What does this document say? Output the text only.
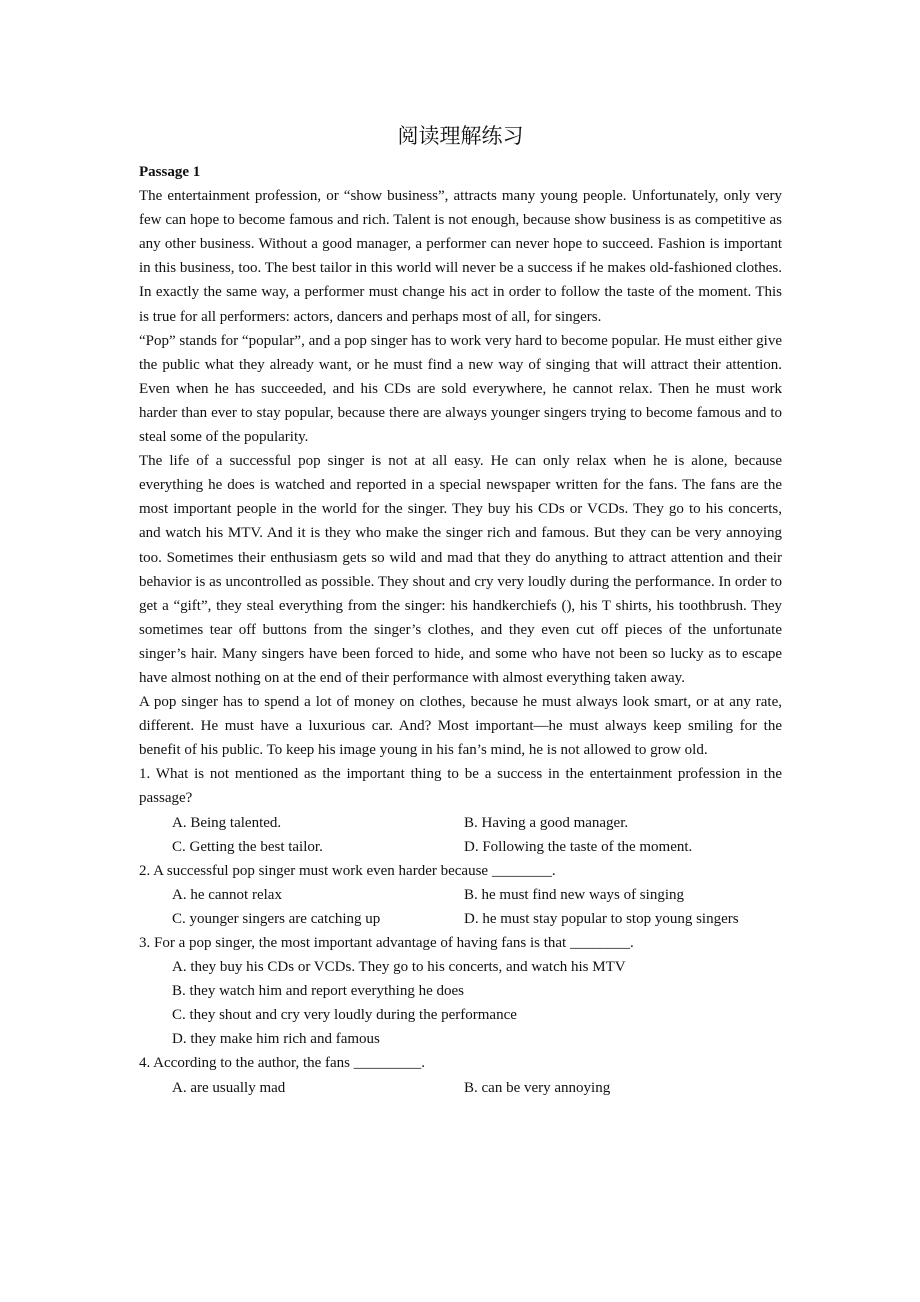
阅读理解练习

Passage 1

The entertainment profession, or “show business”, attracts many young people. Unfortunately, only very few can hope to become famous and rich. Talent is not enough, because show business is as competitive as any other business. Without a good manager, a performer can never hope to succeed. Fashion is important in this business, too. The best tailor in this world will never be a success if he makes old-fashioned clothes. In exactly the same way, a performer must change his act in order to follow the taste of the moment. This is true for all performers: actors, dancers and perhaps most of all, for singers.

“Pop” stands for “popular”, and a pop singer has to work very hard to become popular. He must either give the public what they already want, or he must find a new way of singing that will attract their attention. Even when he has succeeded, and his CDs are sold everywhere, he cannot relax. Then he must work harder than ever to stay popular, because there are always younger singers trying to become famous and to steal some of the popularity.

The life of a successful pop singer is not at all easy. He can only relax when he is alone, because everything he does is watched and reported in a special newspaper written for the fans. The fans are the most important people in the world for the singer. They buy his CDs or VCDs. They go to his concerts, and watch his MTV. And it is they who make the singer rich and famous. But they can be very annoying too. Sometimes their enthusiasm gets so wild and mad that they do anything to attract attention and their behavior is as uncontrolled as possible. They shout and cry very loudly during the performance. In order to get a “gift”, they steal everything from the singer: his handkerchiefs (), his T shirts, his toothbrush. They sometimes tear off buttons from the singer’s clothes, and they even cut off pieces of the unfortunate singer’s hair. Many singers have been forced to hide, and some who have not been so lucky as to escape have almost nothing on at the end of their performance with almost everything taken away.

A pop singer has to spend a lot of money on clothes, because he must always look smart, or at any rate, different. He must have a luxurious car. And? Most important—he must always keep smiling for the benefit of his public. To keep his image young in his fan’s mind, he is not allowed to grow old.

1. What is not mentioned as the important thing to be a success in the entertainment profession in the passage?

A. Being talented.	B. Having a good manager.
C. Getting the best tailor.	D. Following the taste of the moment.

2. A successful pop singer must work even harder because ________.

A. he cannot relax	B. he must find new ways of singing
C. younger singers are catching up	D. he must stay popular to stop young singers

3. For a pop singer, the most important advantage of having fans is that ________.

A. they buy his CDs or VCDs. They go to his concerts, and watch his MTV
B. they watch him and report everything he does
C. they shout and cry very loudly during the performance
D. they make him rich and famous

4. According to the author, the fans _________.

A. are usually mad	B. can be very annoying
